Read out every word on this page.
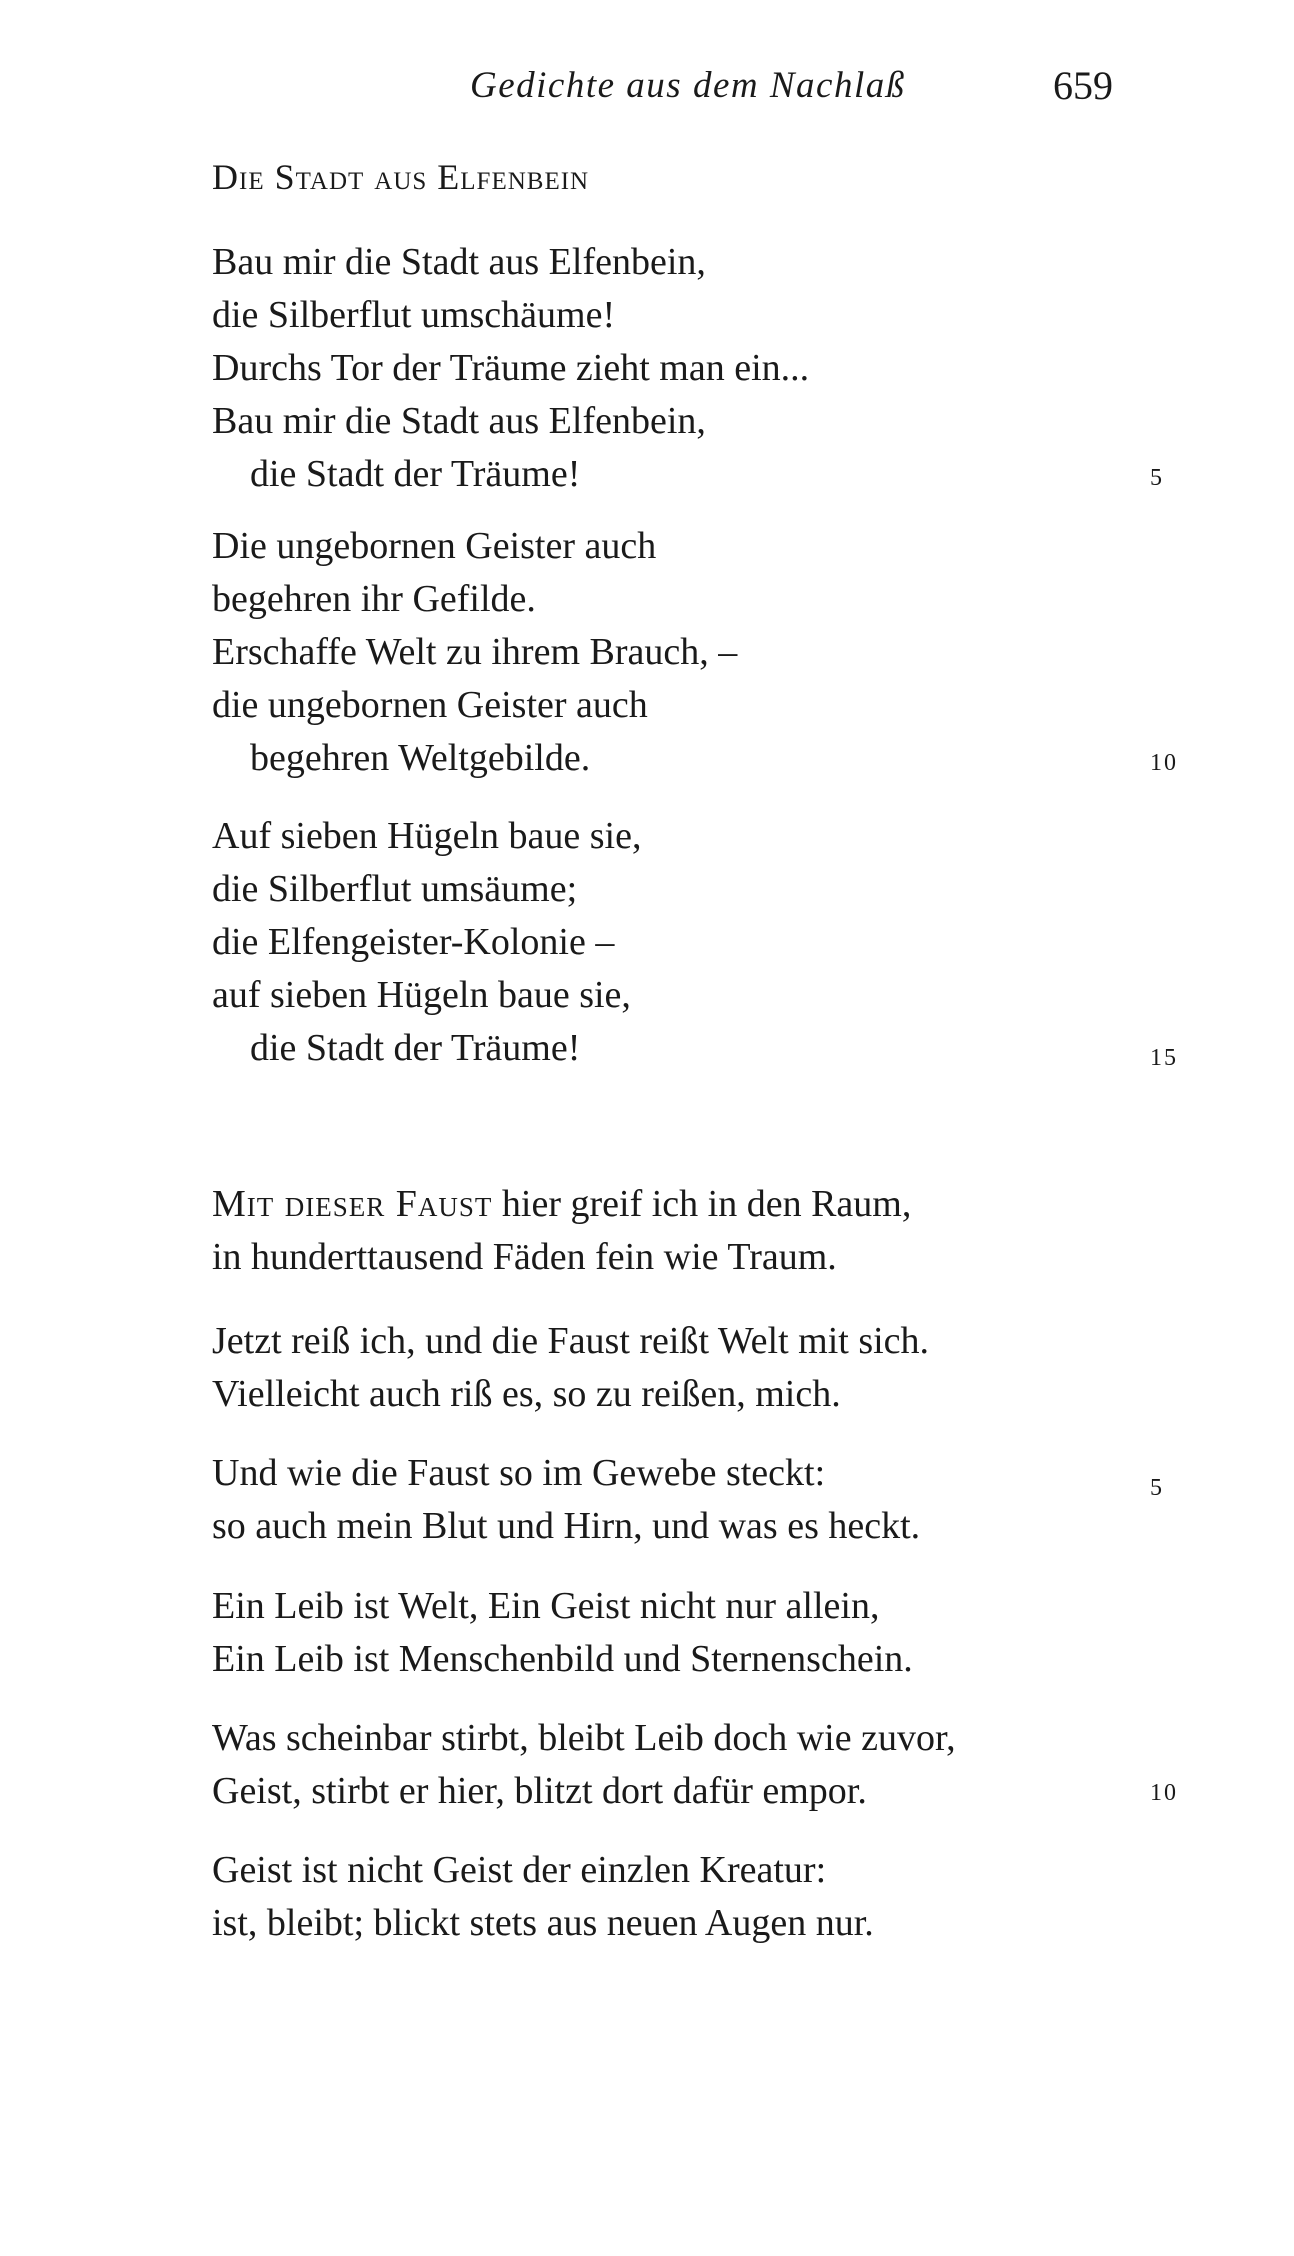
Gedichte aus dem Nachlaß	659
Die Stadt aus Elfenbein
Bau mir die Stadt aus Elfenbein,
die Silberflut umschäume!
Durchs Tor der Träume zieht man ein...
Bau mir die Stadt aus Elfenbein,
die Stadt der Träume!	5
Die ungebornen Geister auch
begehren ihr Gefilde.
Erschaffe Welt zu ihrem Brauch, –
die ungebornen Geister auch
begehren Weltgebilde.	10
Auf sieben Hügeln baue sie,
die Silberflut umsäume;
die Elfengeister-Kolonie –
auf sieben Hügeln baue sie,
die Stadt der Träume!	15
Mit dieser Faust hier greif ich in den Raum,
in hunderttausend Fäden fein wie Traum.
Jetzt reiß ich, und die Faust reißt Welt mit sich.
Vielleicht auch riß es, so zu reißen, mich.
Und wie die Faust so im Gewebe steckt:
so auch mein Blut und Hirn, und was es heckt.
5
Ein Leib ist Welt, Ein Geist nicht nur allein,
Ein Leib ist Menschenbild und Sternenschein.
Was scheinbar stirbt, bleibt Leib doch wie zuvor,
Geist, stirbt er hier, blitzt dort dafür empor.	10
Geist ist nicht Geist der einzlen Kreatur:
ist, bleibt; blickt stets aus neuen Augen nur.
